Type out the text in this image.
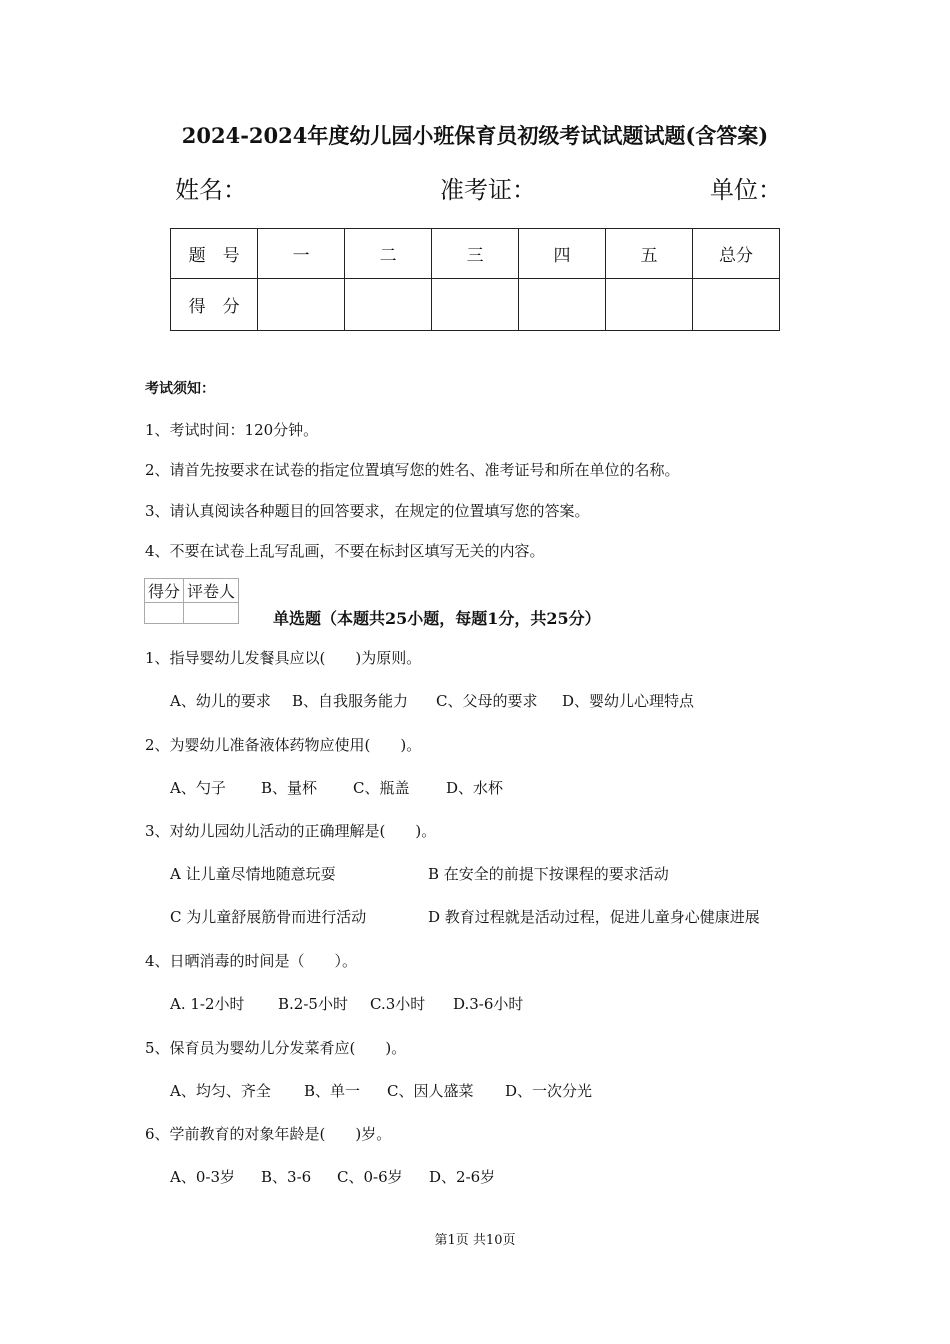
2024-2024年度幼儿园小班保育员初级考试试题试题(含答案)
姓名：	准考证：	单位：
题　号	一	二	三	四	五	总分
得　分						
考试须知：
1、考试时间：120分钟。
2、请首先按要求在试卷的指定位置填写您的姓名、准考证号和所在单位的名称。
3、请认真阅读各种题目的回答要求，在规定的位置填写您的答案。
4、不要在试卷上乱写乱画，不要在标封区填写无关的内容。
得分	评卷人

单选题（本题共25小题，每题1分，共25分）
1、指导婴幼儿发餐具应以(　　)为原则。
A、幼儿的要求 B、自我服务能力 C、父母的要求 D、婴幼儿心理特点
2、为婴幼儿准备液体药物应使用(　　)。
A、勺子 B、量杯 C、瓶盖 D、水杯
3、对幼儿园幼儿活动的正确理解是(　　)。
A 让儿童尽情地随意玩耍	B 在安全的前提下按课程的要求活动
C 为儿童舒展筋骨而进行活动	D 教育过程就是活动过程，促进儿童身心健康进展
4、日晒消毒的时间是（　　）。
A. 1-2小时 B.2-5小时 C.3小时 D.3-6小时
5、保育员为婴幼儿分发菜肴应(　　)。
A、均匀、齐全 B、单一 C、因人盛菜 D、一次分光
6、学前教育的对象年龄是(　　)岁。
A、0-3岁 B、3-6 C、0-6岁 D、2-6岁
第1页 共10页
